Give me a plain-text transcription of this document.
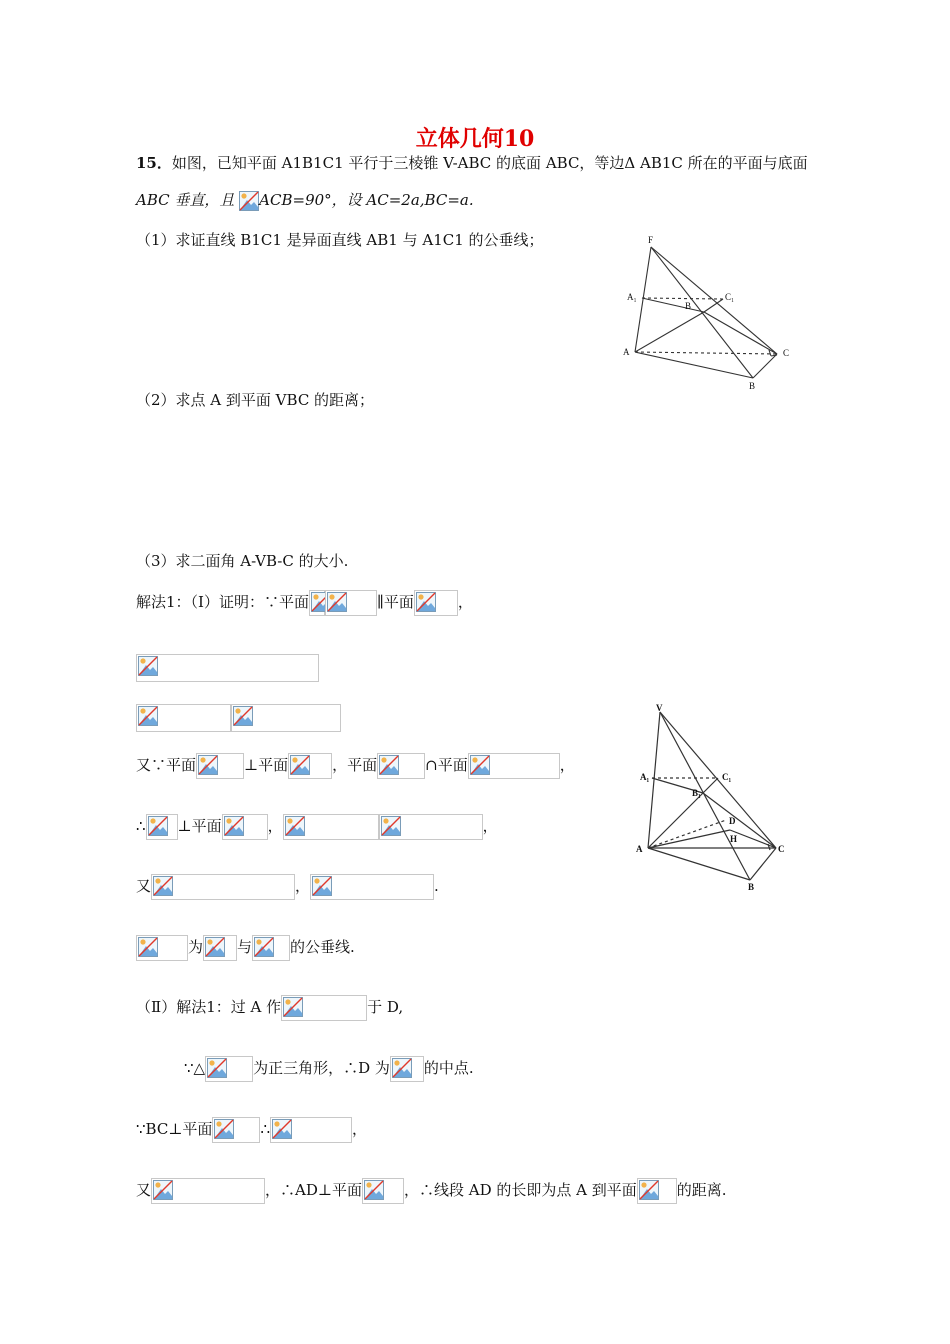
立体几何10
15．如图，已知平面 A1B1C1 平行于三棱锥 V-ABC 的底面 ABC，等边Δ AB1C 所在的平面与底面
ABC 垂直，且 ACB=90°，设 AC=2a,BC=a.
（1）求证直线 B1C1 是异面直线 AB1 与 A1C1 的公垂线；
（2）求点 A 到平面 VBC 的距离；
（3）求二面角 A-VB-C 的大小.
F
A₁	C₁
B
A	C
B
V
A₁	C₁
B₁
D
H
A	C
B
解法1：（Ⅰ）证明：∵平面	∥平面	，
又∵平面	⊥平面	，平面	∩平面	，
∴ ⊥平面	，	，
又	，	.
为 与	的公垂线.
（Ⅱ）解法1：过 A 作	于 D,
∵△	为正三角形，∴D 为 的中点.
∵BC⊥平面	∴	，
又	，∴AD⊥平面	，∴线段 AD 的长即为点 A 到平面	的距离.
